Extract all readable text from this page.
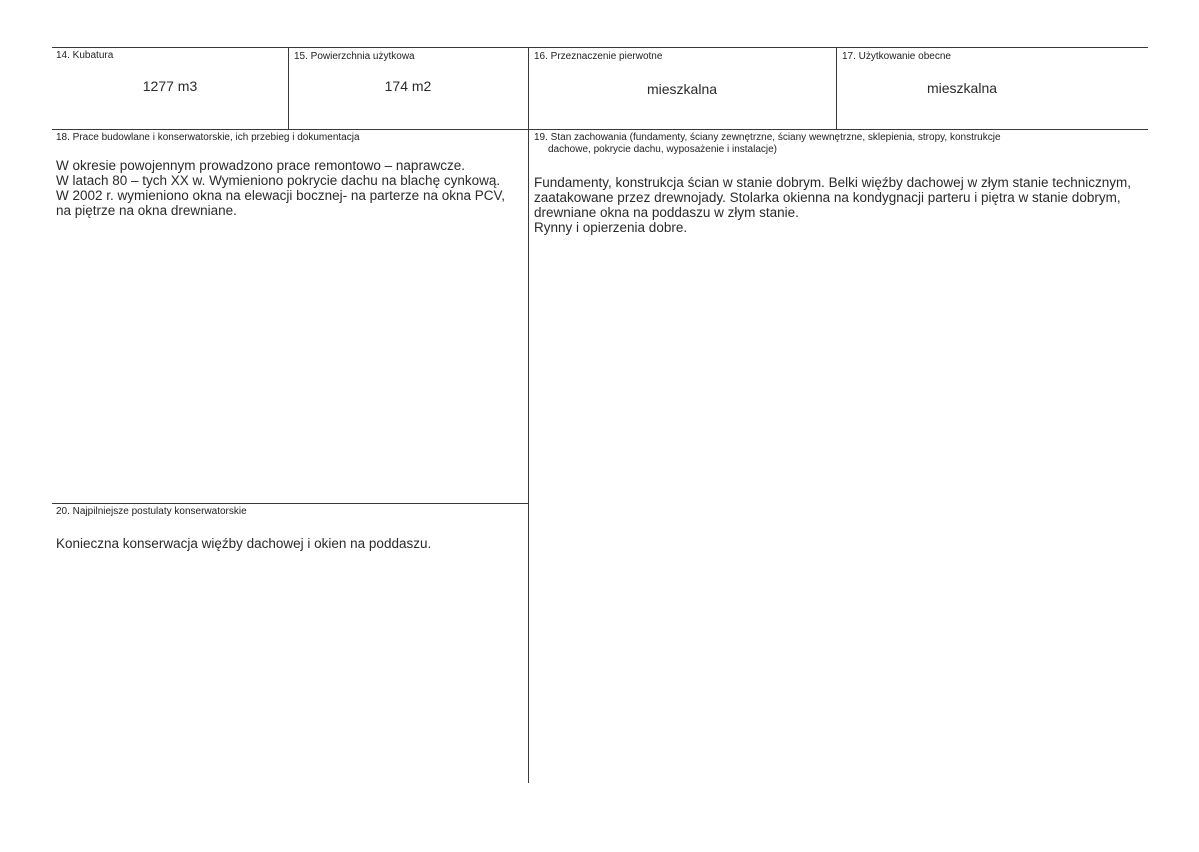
14. Kubatura
1277 m3
15. Powierzchnia użytkowa
174 m2
16. Przeznaczenie pierwotne
mieszkalna
17. Użytkowanie obecne
mieszkalna
18. Prace budowlane i konserwatorskie, ich przebieg i dokumentacja
W okresie powojennym prowadzono prace remontowo – naprawcze.
W latach 80 – tych XX w. Wymieniono pokrycie dachu na blachę cynkową.
W 2002 r. wymieniono okna na elewacji bocznej- na parterze na okna PCV, na piętrze na okna drewniane.
19. Stan zachowania (fundamenty, ściany zewnętrzne, ściany wewnętrzne, sklepienia, stropy, konstrukcje
dachowe, pokrycie dachu, wyposażenie i instalacje)
Fundamenty, konstrukcja ścian w stanie dobrym. Belki więźby dachowej w złym stanie technicznym, zaatakowane przez drewnojady. Stolarka okienna na kondygnacji parteru i piętra w stanie dobrym, drewniane okna na poddaszu w złym stanie.
Rynny i opierzenia dobre.
20. Najpilniejsze postulaty konserwatorskie
Konieczna konserwacja więźby dachowej i okien na poddaszu.
